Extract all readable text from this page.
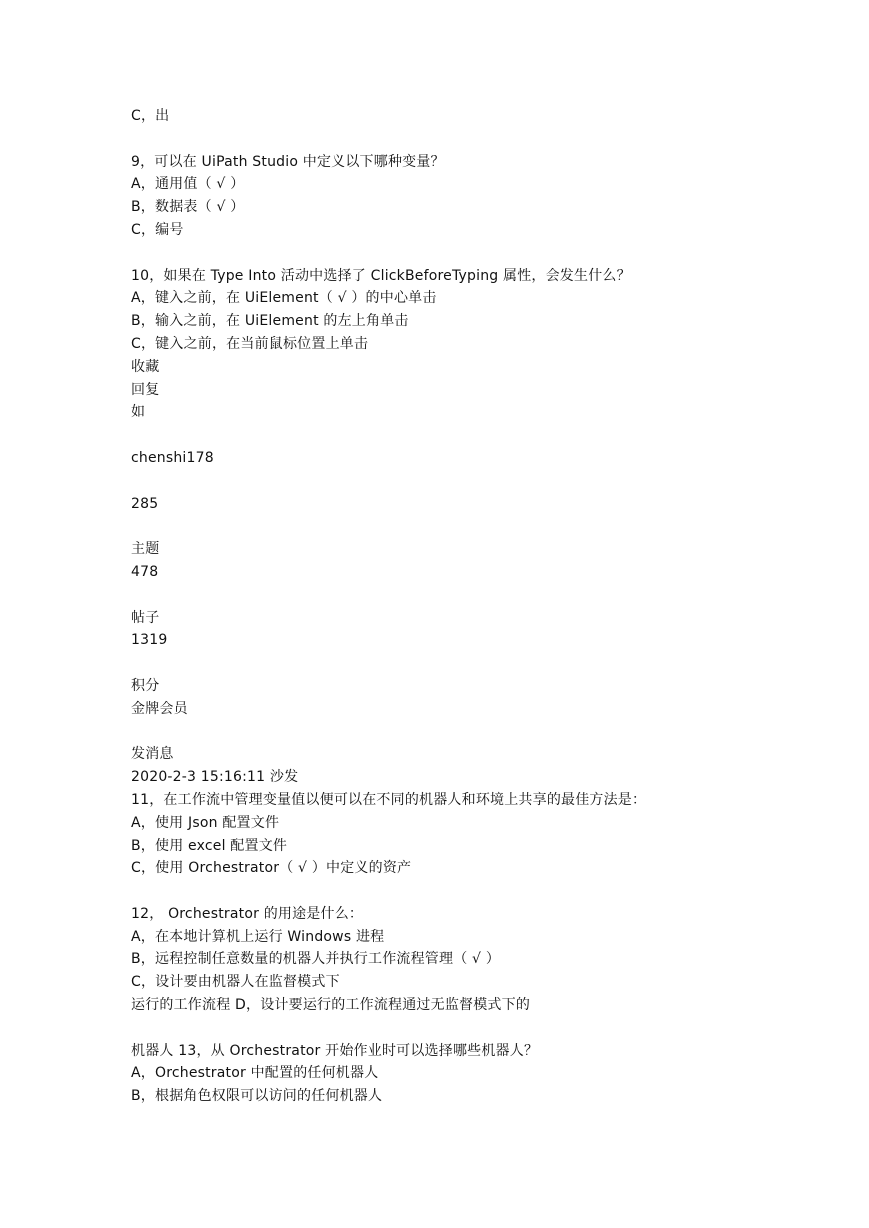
C，出
9，可以在 UiPath Studio 中定义以下哪种变量？
A，通用值（ √ ）
B，数据表（ √ ）
C，编号
10，如果在 Type Into 活动中选择了 ClickBeforeTyping 属性，会发生什么？
A，键入之前，在 UiElement（ √ ）的中心单击
B，输入之前，在 UiElement 的左上角单击
C，键入之前，在当前鼠标位置上单击
收藏
回复
如
chenshi178
285
主题
478
帖子
1319
积分
金牌会员
发消息
2020-2-3 15:16:11 沙发
11，在工作流中管理变量值以便可以在不同的机器人和环境上共享的最佳方法是：
A，使用 Json 配置文件
B，使用 excel 配置文件
C，使用 Orchestrator（ √ ）中定义的资产
12， Orchestrator 的用途是什么：
A，在本地计算机上运行 Windows 进程
B，远程控制任意数量的机器人并执行工作流程管理（ √ ）
C，设计要由机器人在监督模式下
运行的工作流程 D，设计要运行的工作流程通过无监督模式下的
机器人 13，从 Orchestrator 开始作业时可以选择哪些机器人？
A，Orchestrator 中配置的任何机器人
B，根据角色权限可以访问的任何机器人
